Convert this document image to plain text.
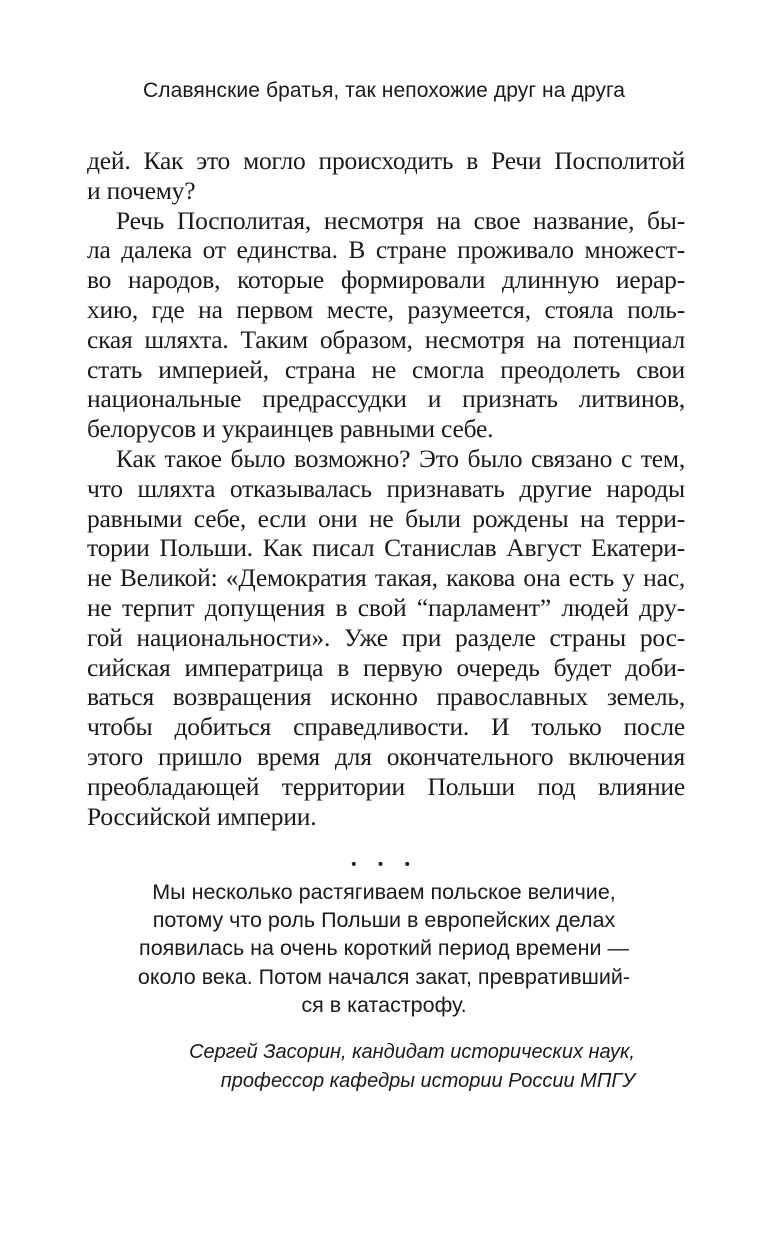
Славянские братья, так непохожие друг на друга
дей. Как это могло происходить в Речи Посполитой
и почему?
Речь Посполитая, несмотря на свое название, бы-
ла далека от единства. В стране проживало множест-
во народов, которые формировали длинную иерар-
хию, где на первом месте, разумеется, стояла поль-
ская шляхта. Таким образом, несмотря на потенциал
стать империей, страна не смогла преодолеть свои
национальные предрассудки и признать литвинов,
белорусов и украинцев равными себе.
Как такое было возможно? Это было связано с тем,
что шляхта отказывалась признавать другие народы
равными себе, если они не были рождены на терри-
тории Польши. Как писал Станислав Август Екатери-
не Великой: «Демократия такая, какова она есть у нас,
не терпит допущения в свой “парламент” людей дру-
гой национальности». Уже при разделе страны рос-
сийская императрица в первую очередь будет доби-
ваться возвращения исконно православных земель,
чтобы добиться справедливости. И только после
этого пришло время для окончательного включения
преобладающей территории Польши под влияние
Российской империи.
• • •
Мы несколько растягиваем польское величие,
потому что роль Польши в европейских делах
появилась на очень короткий период времени —
около века. Потом начался закат, превративший-
ся в катастрофу.
Сергей Засорин, кандидат исторических наук,
профессор кафедры истории России МПГУ
